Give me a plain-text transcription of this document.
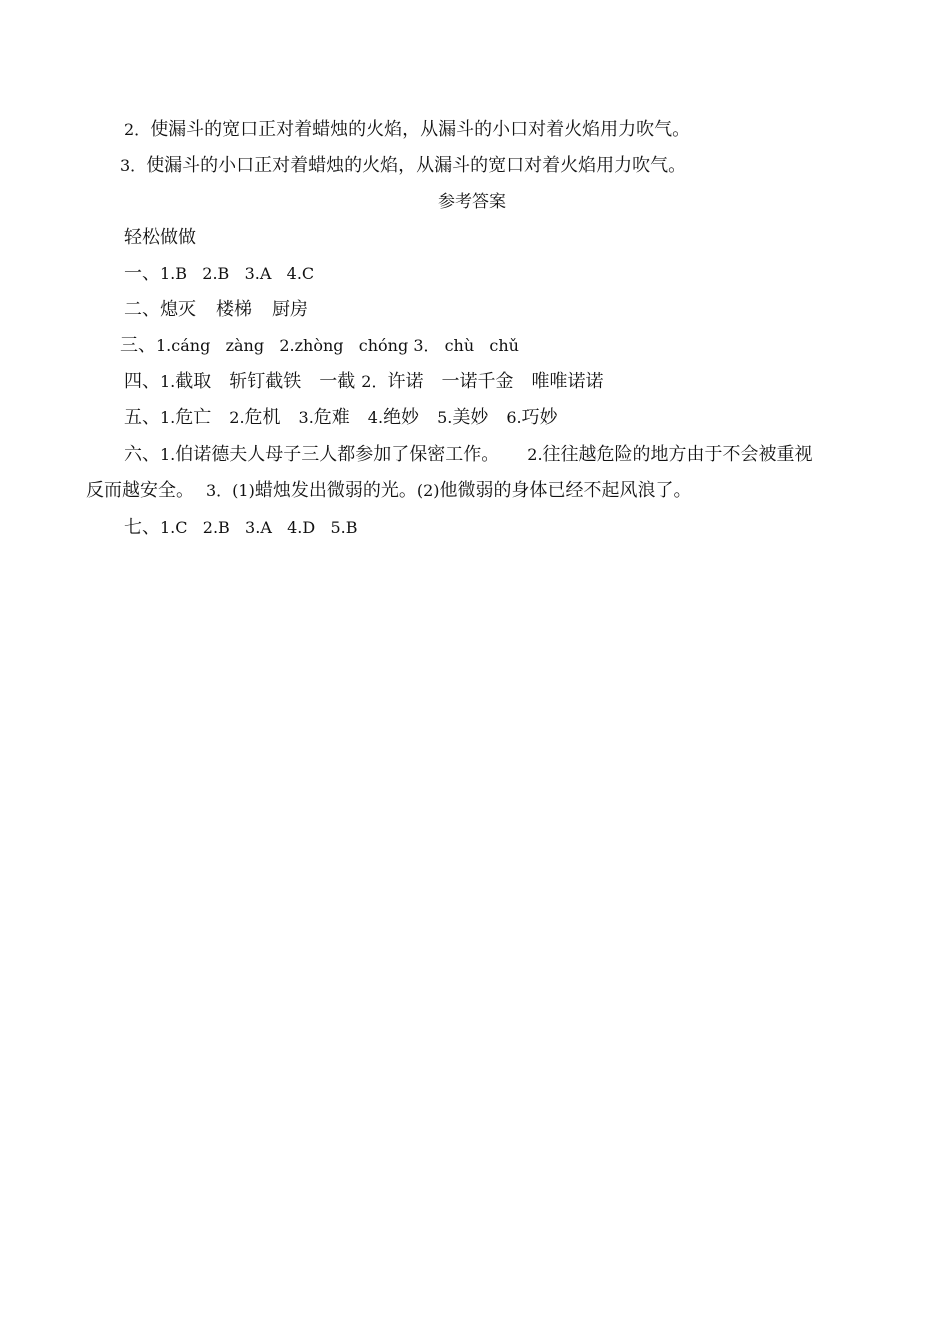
2．使漏斗的宽口正对着蜡烛的火焰，从漏斗的小口对着火焰用力吹气。
3．使漏斗的小口正对着蜡烛的火焰，从漏斗的宽口对着火焰用力吹气。
参考答案
轻松做做
一、1.B   2.B   3.A   4.C
二、熄灭 楼梯 厨房
三、1.cáng   zàng   2.zhòng   chóng 3． chù   chǔ
四、1.截取 斩钉截铁 一截 2．许诺 一诺千金 唯唯诺诺
五、1.危亡 2.危机 3.危难 4.绝妙 5.美妙 6.巧妙
六、1.伯诺德夫人母子三人都参加了保密工作。 2.往往越危险的地方由于不会被重视
反而越安全。 3．(1)蜡烛发出微弱的光。(2)他微弱的身体已经不起风浪了。
七、1.C   2.B   3.A   4.D   5.B
